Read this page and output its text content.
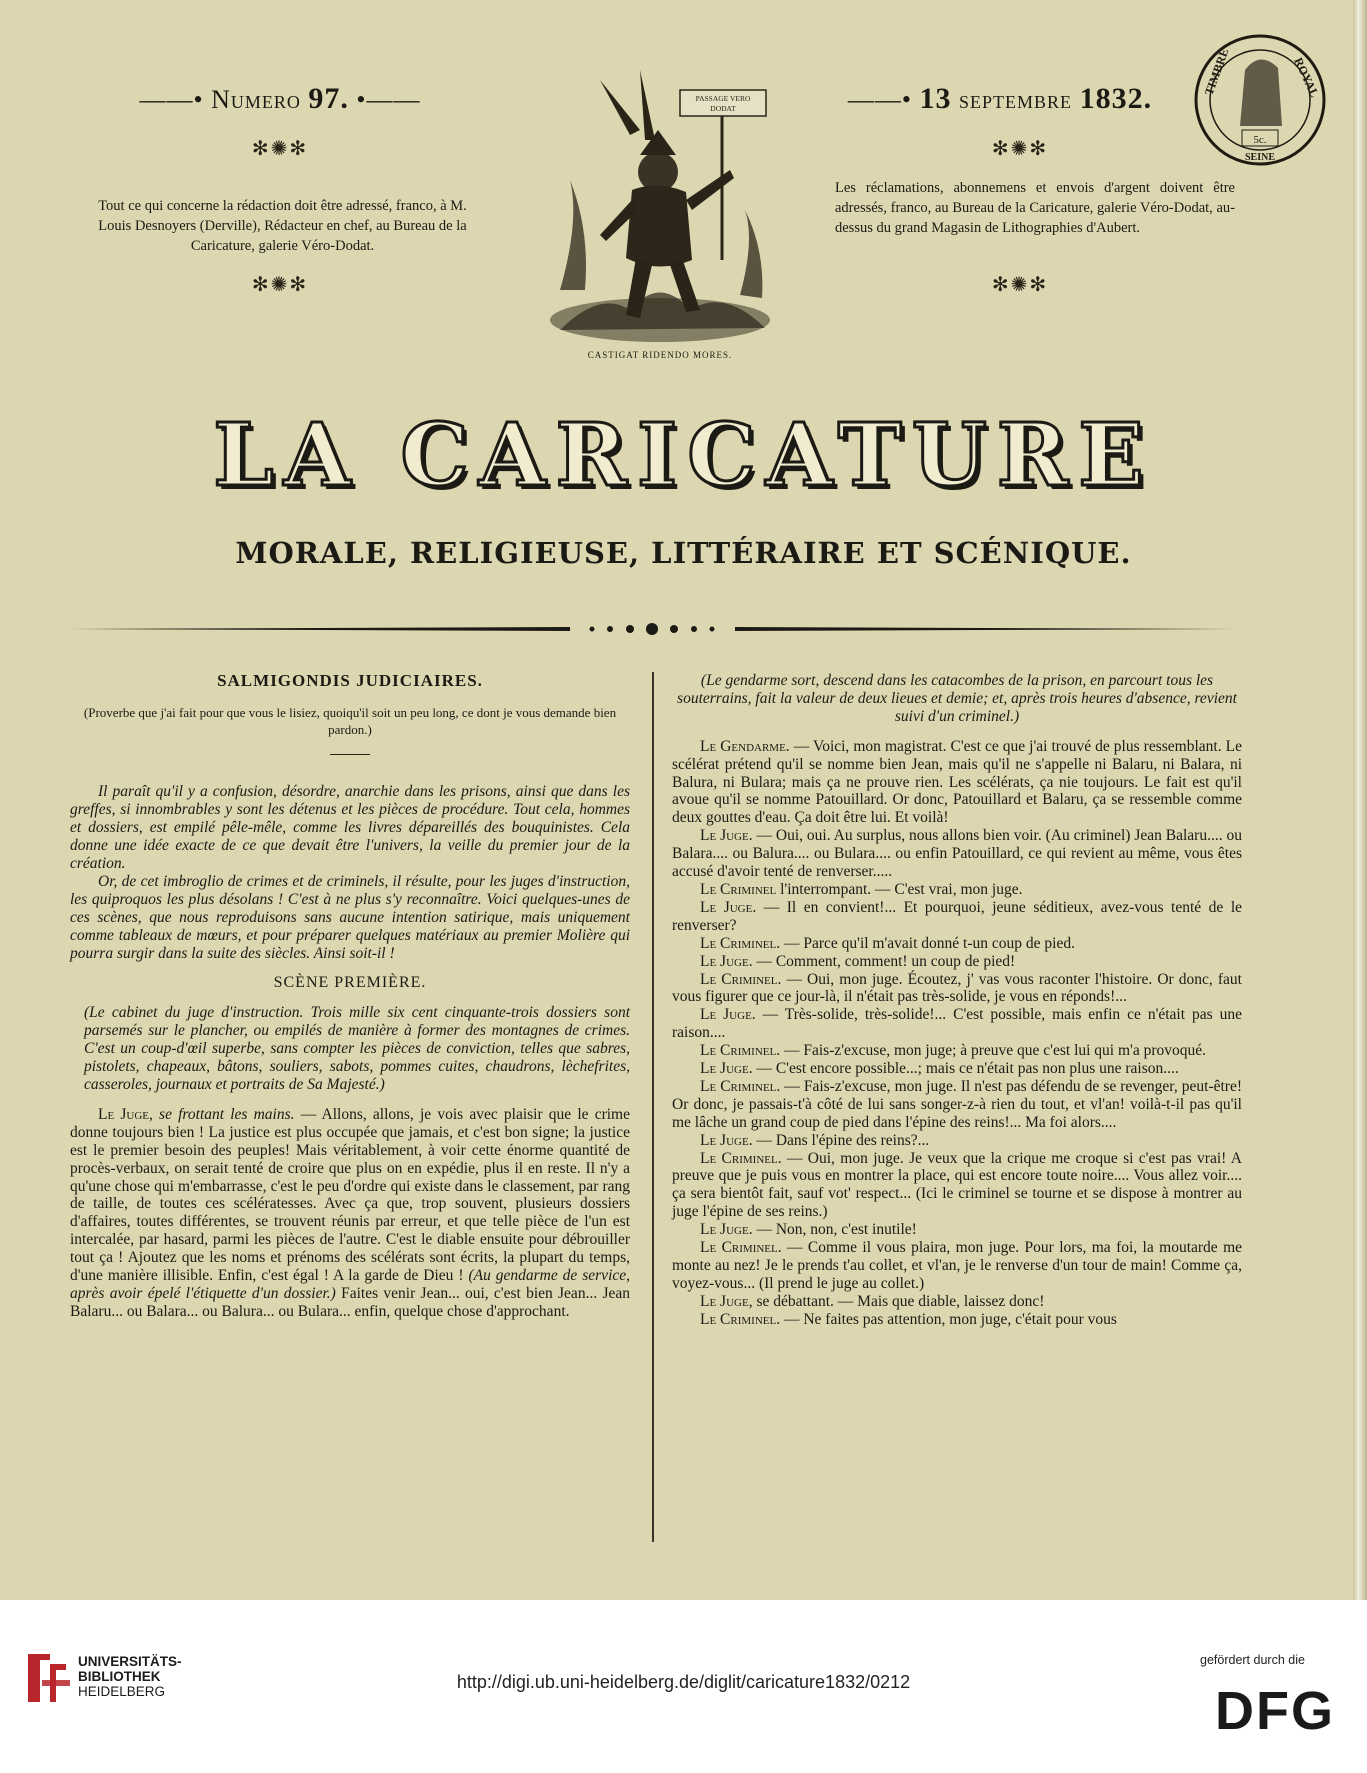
——• Numero 97. •——
✻✺✻
——• 13 septembre 1832.
✻✺✻
Tout ce qui concerne la rédaction doit être adressé, franco, à M. Louis Desnoyers (Derville), Rédacteur en chef, au Bureau de la Caricature, galerie Véro-Dodat.
✻✺✻
Les réclamations, abonnemens et envois d'argent doivent être adressés, franco, au Bureau de la Caricature, galerie Véro-Dodat, au-dessus du grand Magasin de Lithographies d'Aubert.
✻✺✻
PASSAGE VERO
DODAT
CASTIGAT RIDENDO MORES.
TIMBRE	ROYAL
5c.
SEINE
LA CARICATURE
MORALE, RELIGIEUSE, LITTÉRAIRE ET SCÉNIQUE.

SALMIGONDIS JUDICIAIRES.

(Proverbe que j'ai fait pour que vous le lisiez, quoiqu'il soit un peu long, ce dont je vous demande bien pardon.)

Il paraît qu'il y a confusion, désordre, anarchie dans les prisons, ainsi que dans les greffes, si innombrables y sont les détenus et les pièces de procédure. Tout cela, hommes et dossiers, est empilé pêle-mêle, comme les livres dépareillés des bouquinistes. Cela donne une idée exacte de ce que devait être l'univers, la veille du premier jour de la création.

Or, de cet imbroglio de crimes et de criminels, il résulte, pour les juges d'instruction, les quiproquos les plus désolans ! C'est à ne plus s'y reconnaître. Voici quelques-unes de ces scènes, que nous reproduisons sans aucune intention satirique, mais uniquement comme tableaux de mœurs, et pour préparer quelques matériaux au premier Molière qui pourra surgir dans la suite des siècles. Ainsi soit-il !

SCÈNE PREMIÈRE.

(Le cabinet du juge d'instruction. Trois mille six cent cinquante-trois dossiers sont parsemés sur le plancher, ou empilés de manière à former des montagnes de crimes. C'est un coup-d'œil superbe, sans compter les pièces de conviction, telles que sabres, pistolets, chapeaux, bâtons, souliers, sabots, pommes cuites, chaudrons, lèchefrites, casseroles, journaux et portraits de Sa Majesté.)

Le Juge, se frottant les mains. — Allons, allons, je vois avec plaisir que le crime donne toujours bien ! La justice est plus occupée que jamais, et c'est bon signe; la justice est le premier besoin des peuples! Mais véritablement, à voir cette énorme quantité de procès-verbaux, on serait tenté de croire que plus on en expédie, plus il en reste. Il n'y a qu'une chose qui m'embarrasse, c'est le peu d'ordre qui existe dans le classement, par rang de taille, de toutes ces scélératesses. Avec ça que, trop souvent, plusieurs dossiers d'affaires, toutes différentes, se trouvent réunis par erreur, et que telle pièce de l'un est intercalée, par hasard, parmi les pièces de l'autre. C'est le diable ensuite pour débrouiller tout ça ! Ajoutez que les noms et prénoms des scélérats sont écrits, la plupart du temps, d'une manière illisible. Enfin, c'est égal ! A la garde de Dieu ! (Au gendarme de service, après avoir épelé l'étiquette d'un dossier.) Faites venir Jean... oui, c'est bien Jean... Jean Balaru... ou Balara... ou Balura... ou Bulara... enfin, quelque chose d'approchant.

(Le gendarme sort, descend dans les catacombes de la prison, en parcourt tous les souterrains, fait la valeur de deux lieues et demie; et, après trois heures d'absence, revient suivi d'un criminel.)

Le Gendarme. — Voici, mon magistrat. C'est ce que j'ai trouvé de plus ressemblant. Le scélérat prétend qu'il se nomme bien Jean, mais qu'il ne s'appelle ni Balaru, ni Balara, ni Balura, ni Bulara; mais ça ne prouve rien. Les scélérats, ça nie toujours. Le fait est qu'il avoue qu'il se nomme Patouillard. Or donc, Patouillard et Balaru, ça se ressemble comme deux gouttes d'eau. Ça doit être lui. Et voilà!

Le Juge. — Oui, oui. Au surplus, nous allons bien voir. (Au criminel) Jean Balaru.... ou Balara.... ou Balura.... ou Bulara.... ou enfin Patouillard, ce qui revient au même, vous êtes accusé d'avoir tenté de renverser.....

Le Criminel l'interrompant. — C'est vrai, mon juge.

Le Juge. — Il en convient!... Et pourquoi, jeune séditieux, avez-vous tenté de le renverser?

Le Criminel. — Parce qu'il m'avait donné t-un coup de pied.

Le Juge. — Comment, comment! un coup de pied!

Le Criminel. — Oui, mon juge. Écoutez, j' vas vous raconter l'histoire. Or donc, faut vous figurer que ce jour-là, il n'était pas très-solide, je vous en réponds!...

Le Juge. — Très-solide, très-solide!... C'est possible, mais enfin ce n'était pas une raison....

Le Criminel. — Fais-z'excuse, mon juge; à preuve que c'est lui qui m'a provoqué.

Le Juge. — C'est encore possible...; mais ce n'était pas non plus une raison....

Le Criminel. — Fais-z'excuse, mon juge. Il n'est pas défendu de se revenger, peut-être! Or donc, je passais-t'à côté de lui sans songer-z-à rien du tout, et vl'an! voilà-t-il pas qu'il me lâche un grand coup de pied dans l'épine des reins!... Ma foi alors....

Le Juge. — Dans l'épine des reins?...

Le Criminel. — Oui, mon juge. Je veux que la crique me croque si c'est pas vrai! A preuve que je puis vous en montrer la place, qui est encore toute noire.... Vous allez voir.... ça sera bientôt fait, sauf vot' respect... (Ici le criminel se tourne et se dispose à montrer au juge l'épine de ses reins.)

Le Juge. — Non, non, c'est inutile!

Le Criminel. — Comme il vous plaira, mon juge. Pour lors, ma foi, la moutarde me monte au nez! Je le prends t'au collet, et vl'an, je le renverse d'un tour de main! Comme ça, voyez-vous... (Il prend le juge au collet.)

Le Juge, se débattant. — Mais que diable, laissez donc!

Le Criminel. — Ne faites pas attention, mon juge, c'était pour vous

UNIVERSITÄTS-
BIBLIOTHEK
HEIDELBERG	http://digi.ub.uni-heidelberg.de/diglit/caricature1832/0212
gefördert durch die
DFG
